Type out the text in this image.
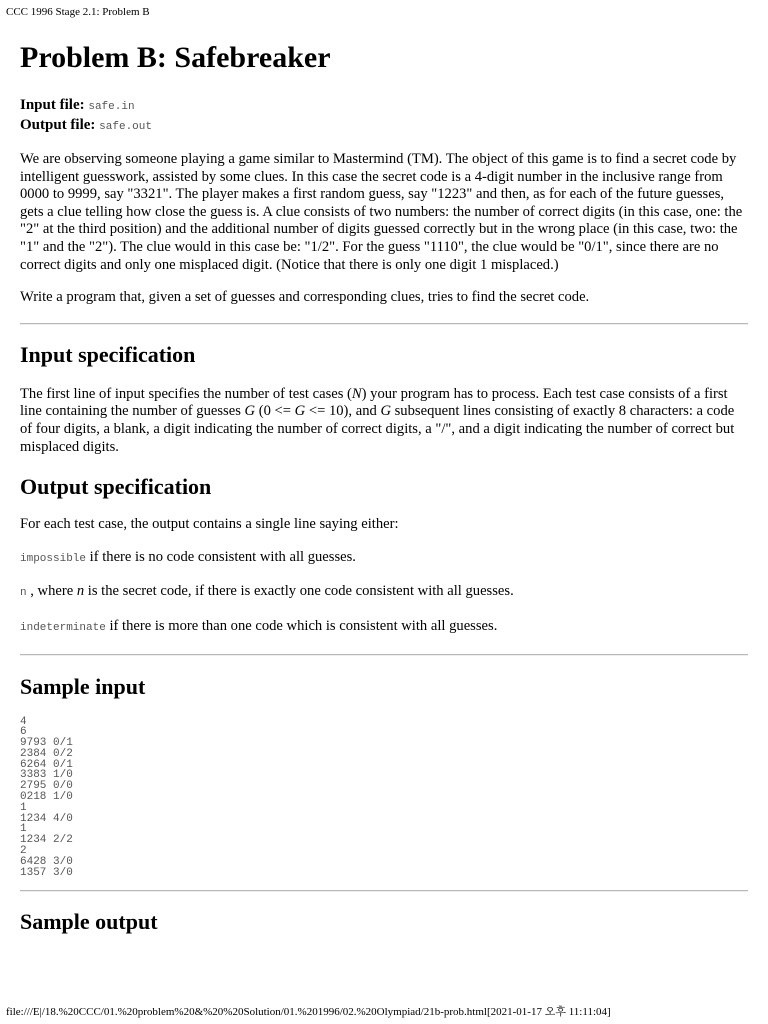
CCC 1996 Stage 2.1: Problem B
Problem B: Safebreaker
Input file: safe.in
Output file: safe.out

We are observing someone playing a game similar to Mastermind (TM). The object of this game is to find a secret code by intelligent guesswork, assisted by some clues. In this case the secret code is a 4-digit number in the inclusive range from 0000 to 9999, say "3321". The player makes a first random guess, say "1223" and then, as for each of the future guesses, gets a clue telling how close the guess is. A clue consists of two numbers: the number of correct digits (in this case, one: the "2" at the third position) and the additional number of digits guessed correctly but in the wrong place (in this case, two: the "1" and the "2"). The clue would in this case be: "1/2". For the guess "1110", the clue would be "0/1", since there are no correct digits and only one misplaced digit. (Notice that there is only one digit 1 misplaced.)

Write a program that, given a set of guesses and corresponding clues, tries to find the secret code.

Input specification

The first line of input specifies the number of test cases (N) your program has to process. Each test case consists of a first line containing the number of guesses G (0 <= G <= 10), and G subsequent lines consisting of exactly 8 characters: a code of four digits, a blank, a digit indicating the number of correct digits, a "/", and a digit indicating the number of correct but misplaced digits.

Output specification

For each test case, the output contains a single line saying either:

impossible if there is no code consistent with all guesses.

n , where n is the secret code, if there is exactly one code consistent with all guesses.

indeterminate if there is more than one code which is consistent with all guesses.

Sample input
4
6
9793 0/1
2384 0/2
6264 0/1
3383 1/0
2795 0/0
0218 1/0
1
1234 4/0
1
1234 2/2
2
6428 3/0
1357 3/0
Sample output
file:///E|/18.%20CCC/01.%20problem%20&%20%20Solution/01.%201996/02.%20Olympiad/21b-prob.html[2021-01-17 오후 11:11:04]
